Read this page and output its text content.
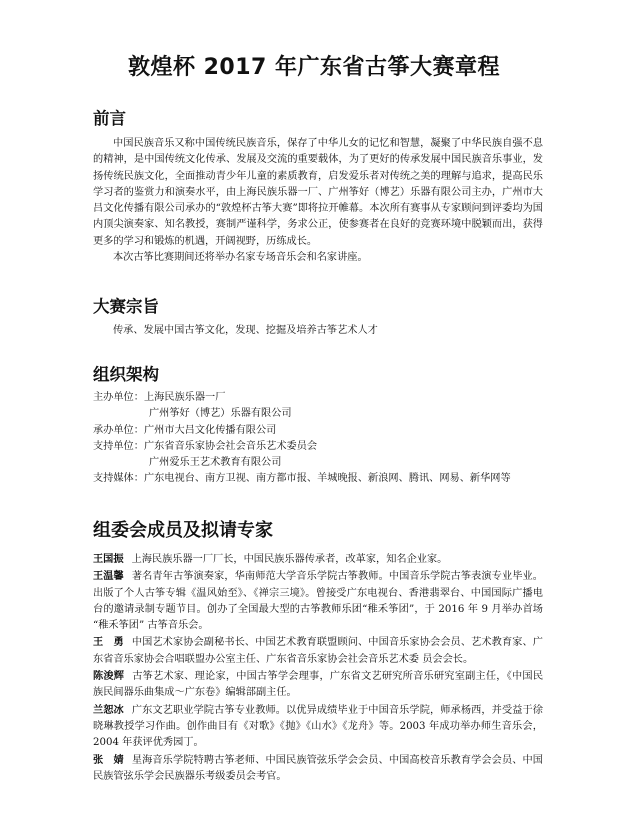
敦煌杯 2017 年广东省古筝大赛章程
前言

中国民族音乐又称中国传统民族音乐，保存了中华儿女的记忆和智慧，凝聚了中华民族自强不息的精神，是中国传统文化传承、发展及交流的重要载体，为了更好的传承发展中国民族音乐事业，发扬传统民族文化，全面推动青少年儿童的素质教育，启发爱乐者对传统之美的理解与追求，提高民乐学习者的鉴赏力和演奏水平，由上海民族乐器一厂、广州筝好（博艺）乐器有限公司主办，广州市大吕文化传播有限公司承办的“敦煌杯古筝大赛”即将拉开帷幕。本次所有赛事从专家顾问到评委均为国内顶尖演奏家、知名教授，赛制严谨科学，务求公正，使参赛者在良好的竞赛环境中脱颖而出，获得更多的学习和锻炼的机遇，开阔视野，历练成长。

本次古筝比赛期间还将举办名家专场音乐会和名家讲座。

大赛宗旨

传承、发展中国古筝文化，发现、挖掘及培养古筝艺术人才

组织架构
主办单位： 上海民族乐器一厂
广州筝好（博艺）乐器有限公司
承办单位： 广州市大吕文化传播有限公司
支持单位： 广东省音乐家协会社会音乐艺术委员会
广州爱乐王艺术教育有限公司
支持媒体： 广东电视台、南方卫视、南方都市报、羊城晚报、新浪网、腾讯、网易、新华网等
组委会成员及拟请专家

王国振 上海民族乐器一厂厂长，中国民族乐器传承者，改革家，知名企业家。

王温馨 著名青年古筝演奏家，华南师范大学音乐学院古筝教师。中国音乐学院古筝表演专业毕业。出版了个人古筝专辑《温风始至》、《禅宗三境》。曾接受广东电视台、香港翡翠台、中国国际广播电台的邀请录制专题节目。创办了全国最大型的古筝教师乐团“稚禾筝团”，于 2016 年 9 月举办首场 “稚禾筝团” 古筝音乐会。

王　勇 中国艺术家协会副秘书长、中国艺术教育联盟顾问、中国音乐家协会会员、艺术教育家、广东省音乐家协会合唱联盟办公室主任、广东省音乐家协会社会音乐艺术委 员会会长。

陈浚辉 古筝艺术家、理论家，中国古筝学会理事，广东省文艺研究所音乐研究室副主任，《中国民族民间器乐曲集成～广东卷》编辑部副主任。

兰恕冰 广东文艺职业学院古筝专业教师。以优异成绩毕业于中国音乐学院，师承杨西，并受益于徐晓琳教授学习作曲。创作曲目有《对歌》《抛》《山水》《龙舟》等。2003 年成功举办师生音乐会，2004 年获评优秀园丁。

张　婧 星海音乐学院特聘古筝老师、中国民族管弦乐学会会员、中国高校音乐教育学会会员、中国民族管弦乐学会民族器乐考级委员会考官。
